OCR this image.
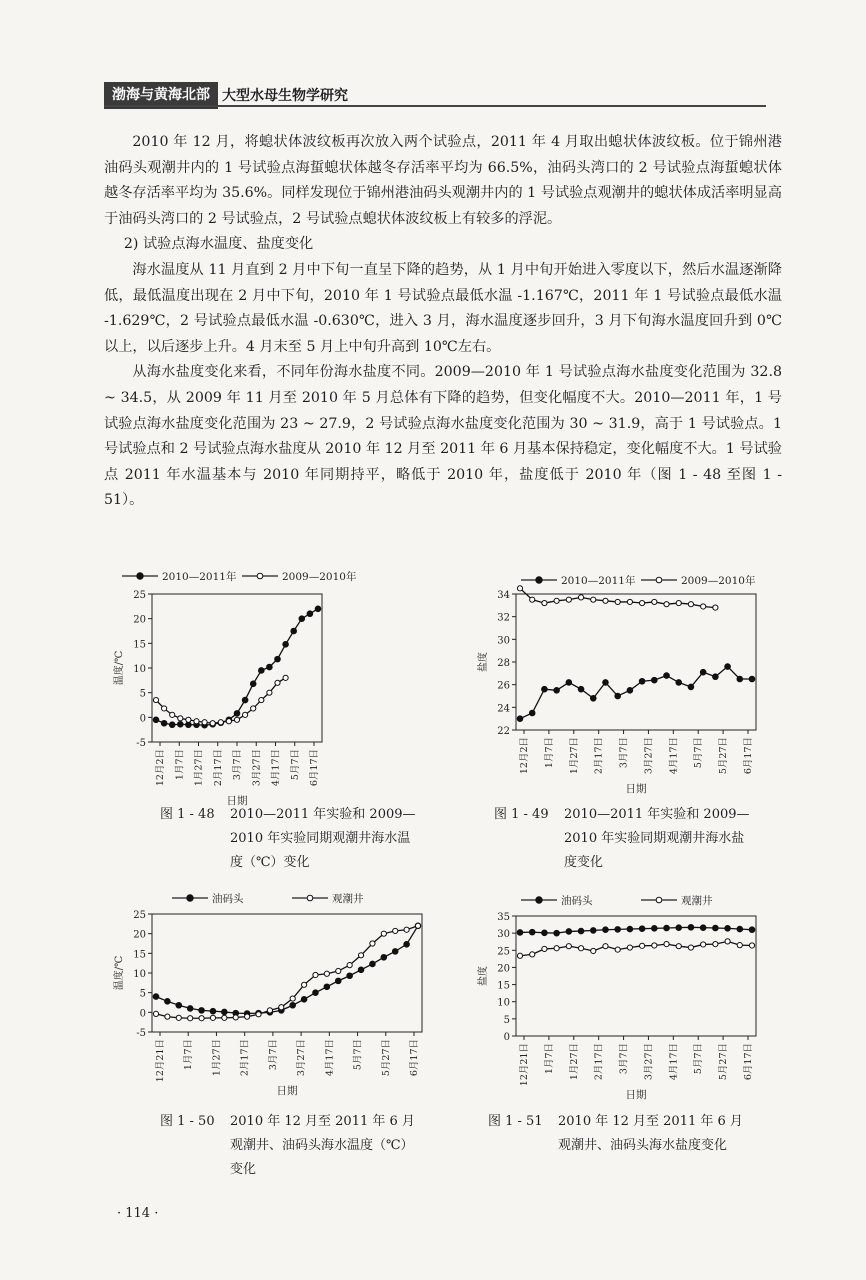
渤海与黄海北部 大型水母生物学研究

2010 年 12 月，将螅状体波纹板再次放入两个试验点，2011 年 4 月取出螅状体波纹板。位于锦州港油码头观潮井内的 1 号试验点海蜇螅状体越冬存活率平均为 66.5%，油码头湾口的 2 号试验点海蜇螅状体越冬存活率平均为 35.6%。同样发现位于锦州港油码头观潮井内的 1 号试验点观潮井的螅状体成活率明显高于油码头湾口的 2 号试验点，2 号试验点螅状体波纹板上有较多的浮泥。

2) 试验点海水温度、盐度变化

海水温度从 11 月直到 2 月中下旬一直呈下降的趋势，从 1 月中旬开始进入零度以下，然后水温逐渐降低，最低温度出现在 2 月中下旬，2010 年 1 号试验点最低水温 -1.167℃，2011 年 1 号试验点最低水温 -1.629℃，2 号试验点最低水温 -0.630℃，进入 3 月，海水温度逐步回升，3 月下旬海水温度回升到 0℃以上，以后逐步上升。4 月末至 5 月上中旬升高到 10℃左右。

从海水盐度变化来看，不同年份海水盐度不同。2009—2010 年 1 号试验点海水盐度变化范围为 32.8 ~ 34.5，从 2009 年 11 月至 2010 年 5 月总体有下降的趋势，但变化幅度不大。2010—2011 年，1 号试验点海水盐度变化范围为 23 ~ 27.9，2 号试验点海水盐度变化范围为 30 ~ 31.9，高于 1 号试验点。1 号试验点和 2 号试验点海水盐度从 2010 年 12 月至 2011 年 6 月基本保持稳定，变化幅度不大。1 号试验点 2011 年水温基本与 2010 年同期持平，略低于 2010 年，盐度低于 2010 年（图 1 - 48 至图 1 - 51）。

-5
0
5
10
15
20
25
温度/℃
12月2日 1月7日 1月27日 2月17日 3月7日 3月27日 4月17日 5月7日 6月17日
日期
2010—2011年	2009—2010年
22
24
26
28
30
32
34
盐度
12月2日 1月7日 1月27日 2月17日 3月7日 3月27日 4月17日 5月7日 5月27日 6月17日
日期
2010—2011年	2009—2010年
-5
0
5
10
15
20
25
温度/℃
12月21日 1月7日 1月27日 2月17日 3月7日 3月27日 4月17日 5月7日 5月27日 6月17日
日期
油码头	观潮井
0
5
10
15
20
25
30
35
盐度
12月21日 1月7日 1月27日 2月17日 3月7日 3月27日 4月17日 5月7日 5月27日 6月17日
日期
油码头	观潮井
图 1 - 48 2010—2011 年实验和 2009—2010 年实验同期观潮井海水温度（℃）变化
图 1 - 49 2010—2011 年实验和 2009—2010 年实验同期观潮井海水盐度变化
图 1 - 50 2010 年 12 月至 2011 年 6 月观潮井、油码头海水温度（℃）变化
图 1 - 51 2010 年 12 月至 2011 年 6 月观潮井、油码头海水盐度变化
· 114 ·
